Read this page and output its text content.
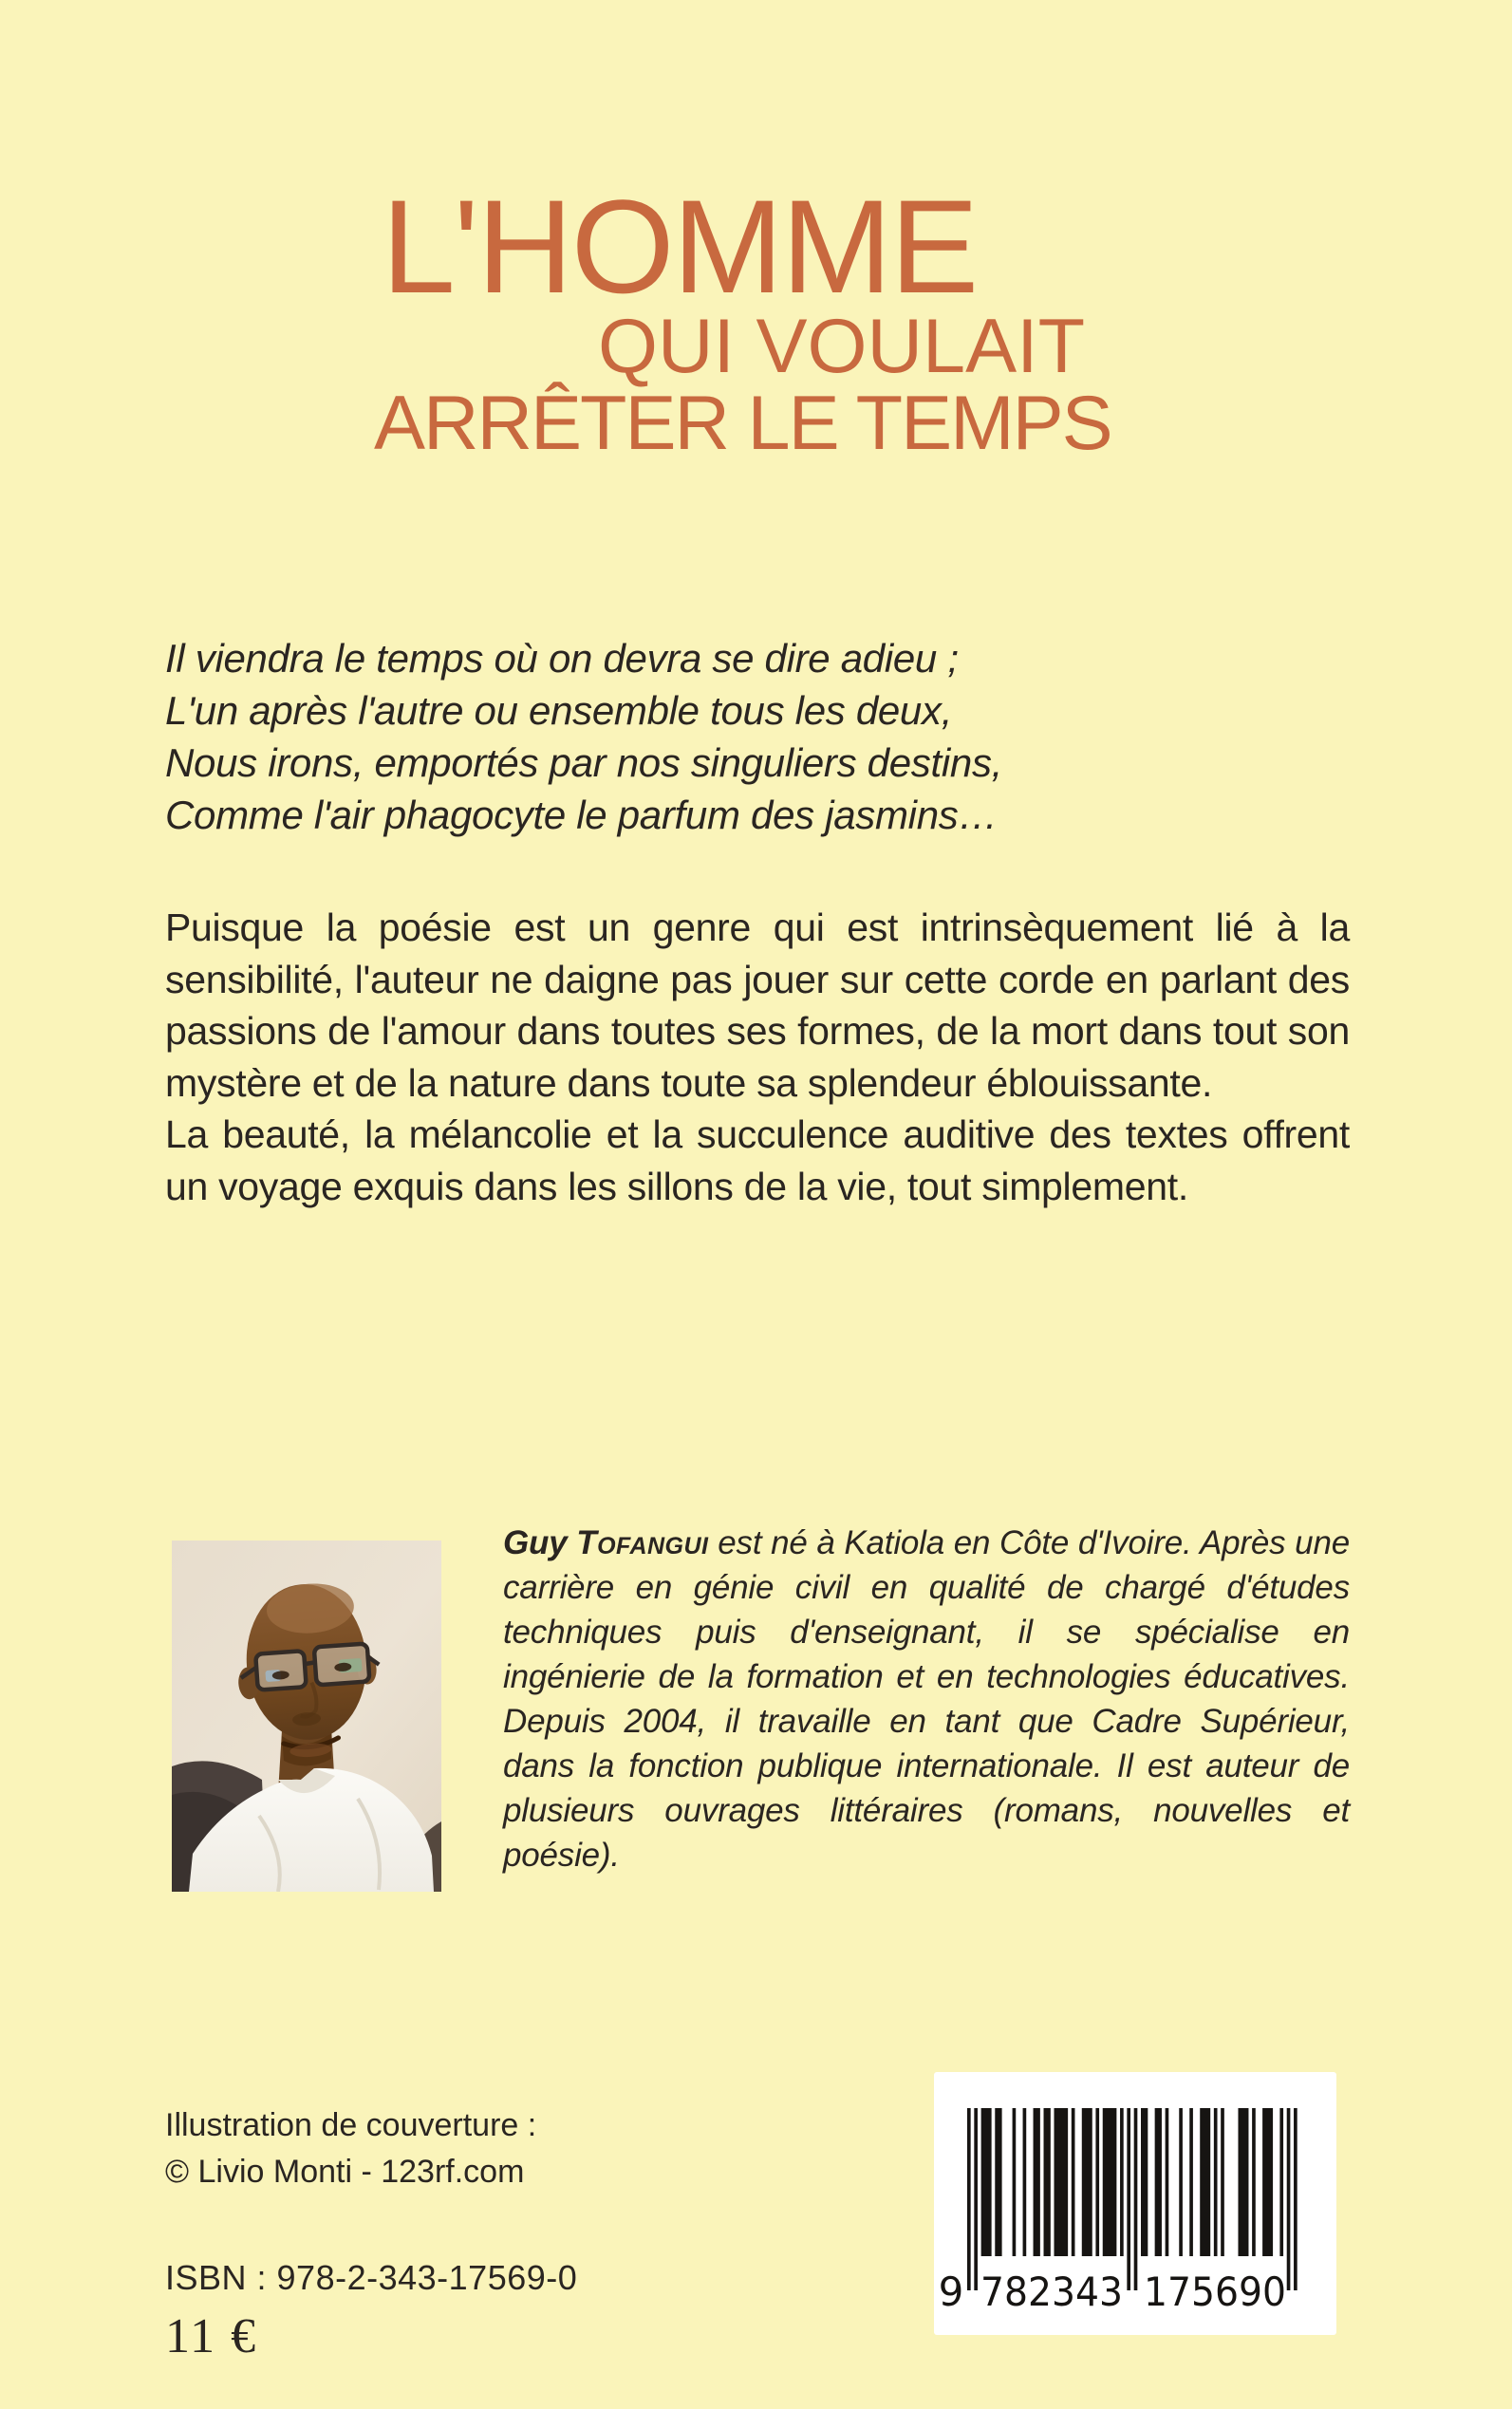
L'HOMME
QUI VOULAIT
ARRÊTER LE TEMPS
Il viendra le temps où on devra se dire adieu ;
L'un après l'autre ou ensemble tous les deux,
Nous irons, emportés par nos singuliers destins,
Comme l'air phagocyte le parfum des jasmins…

Puisque la poésie est un genre qui est intrinsèquement lié à la sensibilité, l'auteur ne daigne pas jouer sur cette corde en parlant des passions de l'amour dans toutes ses formes, de la mort dans tout son mystère et de la nature dans toute sa splendeur éblouissante.

La beauté, la mélancolie et la succulence auditive des textes offrent un voyage exquis dans les sillons de la vie, tout simplement.

Guy Tofangui est né à Katiola en Côte d'Ivoire. Après une carrière en génie civil en qualité de chargé d'études techniques puis d'enseignant, il se spécialise en ingénierie de la formation et en technologies éducatives. Depuis 2004, il travaille en tant que Cadre Supérieur, dans la fonction publique internationale. Il est auteur de plusieurs ouvrages littéraires (romans, nouvelles et poésie).

Illustration de couverture :
© Livio Monti - 123rf.com
ISBN : 978-2-343-17569-0
11 €
9 782343 175690
